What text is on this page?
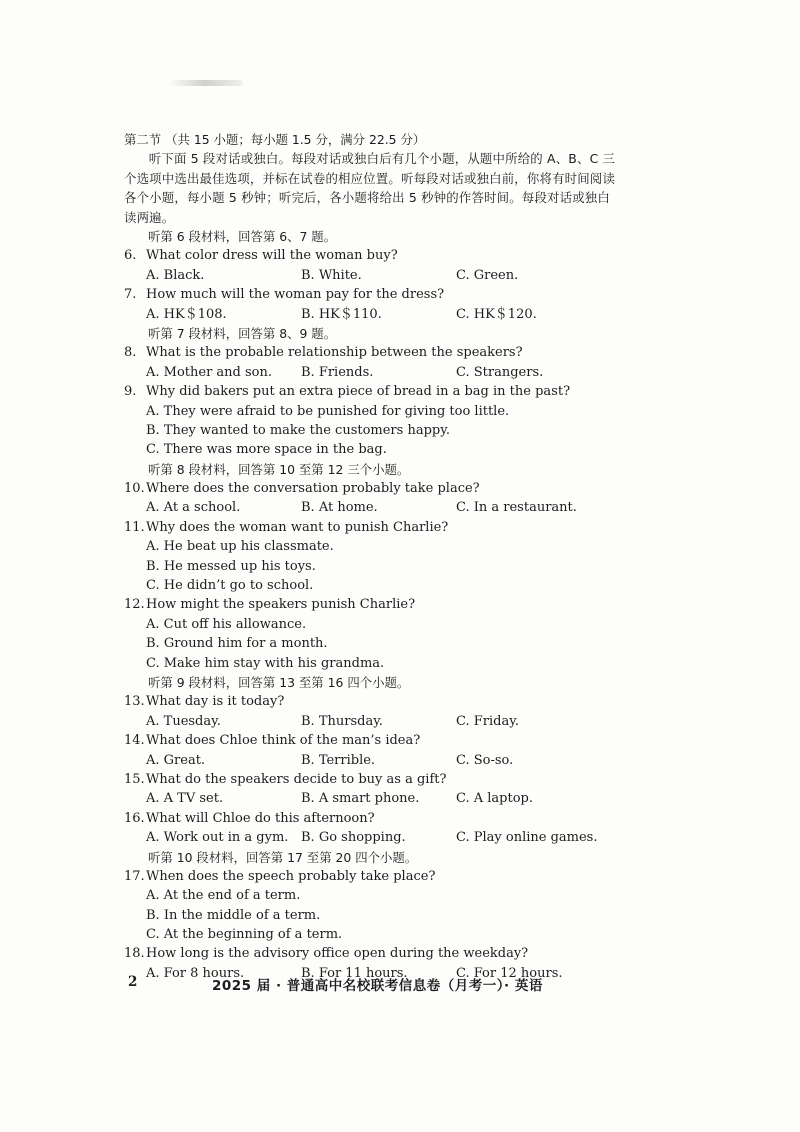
第二节 （共 15 小题；每小题 1.5 分，满分 22.5 分）
听下面 5 段对话或独白。每段对话或独白后有几个小题，从题中所给的 A、B、C 三个选项中选出最佳选项，并标在试卷的相应位置。听每段对话或独白前，你将有时间阅读各个小题，每小题 5 秒钟；听完后，各小题将给出 5 秒钟的作答时间。每段对话或独白读两遍。
听第 6 段材料，回答第 6、7 题。
6. What color dress will the woman buy?
A. Black.	B. White.	C. Green.
7. How much will the woman pay for the dress?
A. HK＄108.	B. HK＄110.	C. HK＄120.
听第 7 段材料，回答第 8、9 题。
8. What is the probable relationship between the speakers?
A. Mother and son.	B. Friends.	C. Strangers.
9. Why did bakers put an extra piece of bread in a bag in the past?
A. They were afraid to be punished for giving too little.
B. They wanted to make the customers happy.
C. There was more space in the bag.
听第 8 段材料，回答第 10 至第 12 三个小题。
10. Where does the conversation probably take place?
A. At a school.	B. At home.	C. In a restaurant.
11. Why does the woman want to punish Charlie?
A. He beat up his classmate.
B. He messed up his toys.
C. He didn’t go to school.
12. How might the speakers punish Charlie?
A. Cut off his allowance.
B. Ground him for a month.
C. Make him stay with his grandma.
听第 9 段材料，回答第 13 至第 16 四个小题。
13. What day is it today?
A. Tuesday.	B. Thursday.	C. Friday.
14. What does Chloe think of the man’s idea?
A. Great.	B. Terrible.	C. So-so.
15. What do the speakers decide to buy as a gift?
A. A TV set.	B. A smart phone.	C. A laptop.
16. What will Chloe do this afternoon?
A. Work out in a gym. B. Go shopping.	C. Play online games.
听第 10 段材料，回答第 17 至第 20 四个小题。
17. When does the speech probably take place?
A. At the end of a term.
B. In the middle of a term.
C. At the beginning of a term.
18. How long is the advisory office open during the weekday?
A. For 8 hours.	B. For 11 hours.	C. For 12 hours.
2	2025 届 · 普通高中名校联考信息卷（月考一）· 英语
